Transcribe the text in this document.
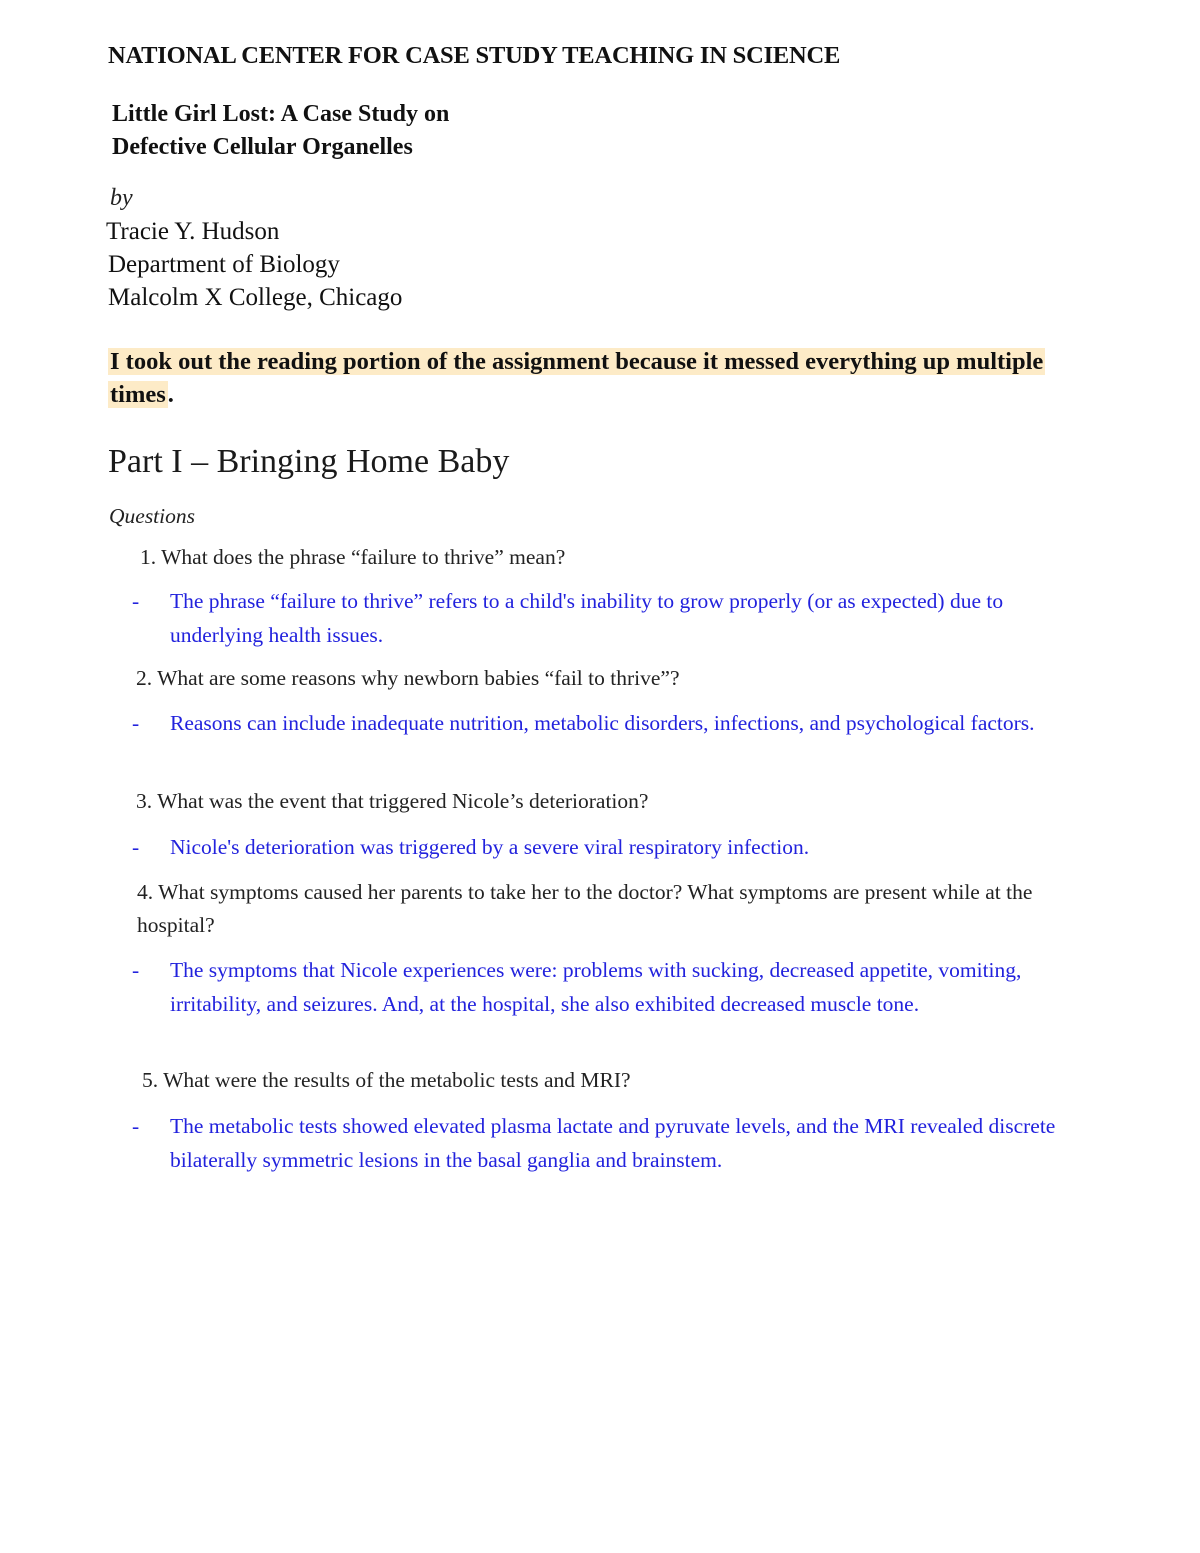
NATIONAL CENTER FOR CASE STUDY TEACHING IN SCIENCE
Little Girl Lost: A Case Study on
Defective Cellular Organelles
by
Tracie Y. Hudson
Department of Biology
Malcolm X College, Chicago
I took out the reading portion of the assignment because it messed everything up multiple times.
Part I – Bringing Home Baby
Questions
1. What does the phrase “failure to thrive” mean?
-	The phrase “failure to thrive” refers to a child's inability to grow properly (or as expected) due to underlying health issues.
2. What are some reasons why newborn babies “fail to thrive”?
-	Reasons can include inadequate nutrition, metabolic disorders, infections, and psychological factors.
3. What was the event that triggered Nicole’s deterioration?
-	Nicole's deterioration was triggered by a severe viral respiratory infection.
4. What symptoms caused her parents to take her to the doctor? What symptoms are present while at the hospital?
-	The symptoms that Nicole experiences were: problems with sucking, decreased appetite, vomiting, irritability, and seizures. And, at the hospital, she also exhibited decreased muscle tone.
5. What were the results of the metabolic tests and MRI?
-	The metabolic tests showed elevated plasma lactate and pyruvate levels, and the MRI revealed discrete bilaterally symmetric lesions in the basal ganglia and brainstem.
